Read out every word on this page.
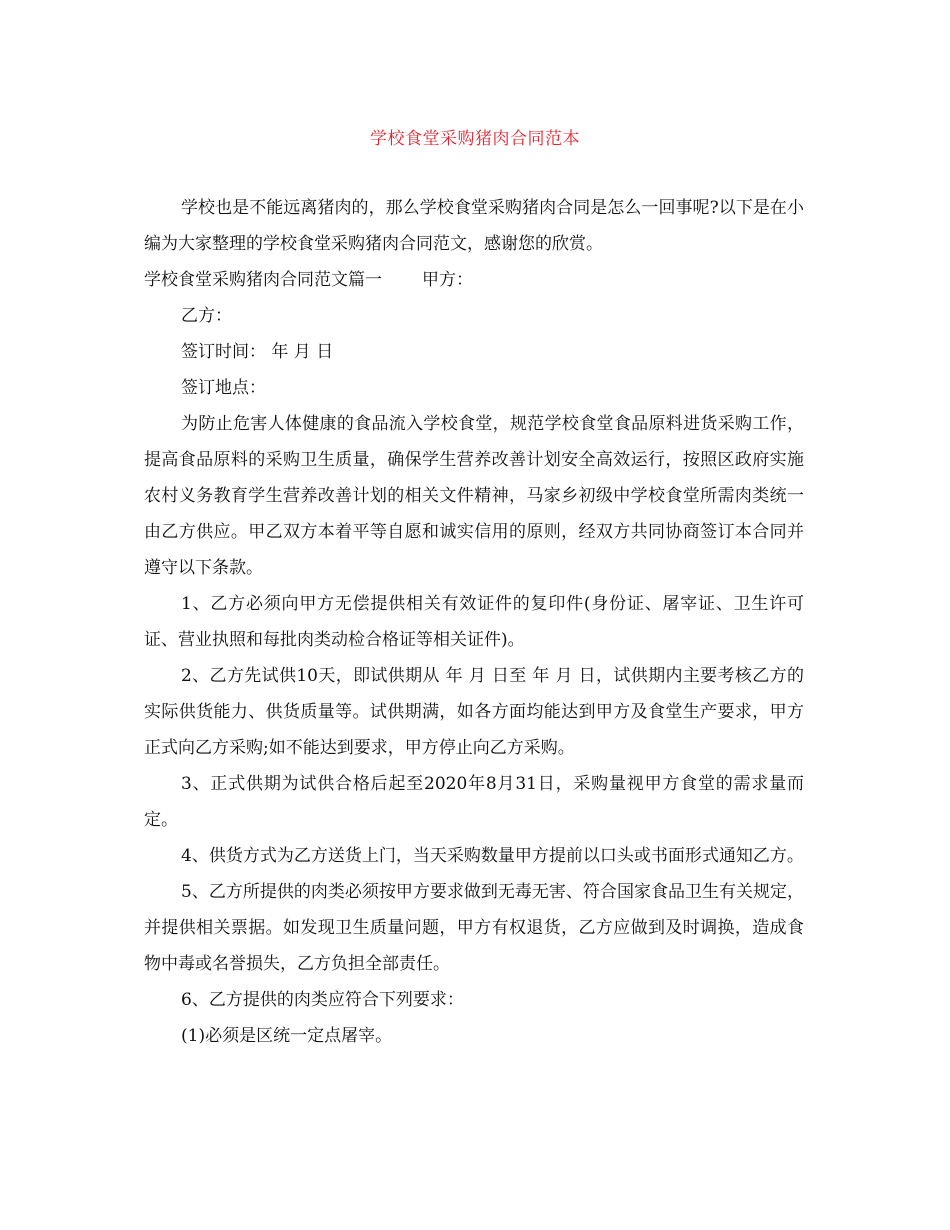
学校食堂采购猪肉合同范本

学校也是不能远离猪肉的，那么学校食堂采购猪肉合同是怎么一回事呢?以下是在小编为大家整理的学校食堂采购猪肉合同范文，感谢您的欣赏。

学校食堂采购猪肉合同范文篇一 甲方：

乙方：

签订时间： 年 月 日

签订地点：

为防止危害人体健康的食品流入学校食堂，规范学校食堂食品原料进货采购工作，提高食品原料的采购卫生质量，确保学生营养改善计划安全高效运行，按照区政府实施农村义务教育学生营养改善计划的相关文件精神，马家乡初级中学校食堂所需肉类统一由乙方供应。甲乙双方本着平等自愿和诚实信用的原则，经双方共同协商签订本合同并遵守以下条款。

1、乙方必须向甲方无偿提供相关有效证件的复印件(身份证、屠宰证、卫生许可证、营业执照和每批肉类动检合格证等相关证件)。

2、乙方先试供10天，即试供期从 年 月 日至 年 月 日，试供期内主要考核乙方的实际供货能力、供货质量等。试供期满，如各方面均能达到甲方及食堂生产要求，甲方正式向乙方采购;如不能达到要求，甲方停止向乙方采购。

3、正式供期为试供合格后起至2020年8月31日，采购量视甲方食堂的需求量而定。

4、供货方式为乙方送货上门，当天采购数量甲方提前以口头或书面形式通知乙方。

5、乙方所提供的肉类必须按甲方要求做到无毒无害、符合国家食品卫生有关规定，并提供相关票据。如发现卫生质量问题，甲方有权退货，乙方应做到及时调换，造成食物中毒或名誉损失，乙方负担全部责任。

6、乙方提供的肉类应符合下列要求：

(1)必须是区统一定点屠宰。
